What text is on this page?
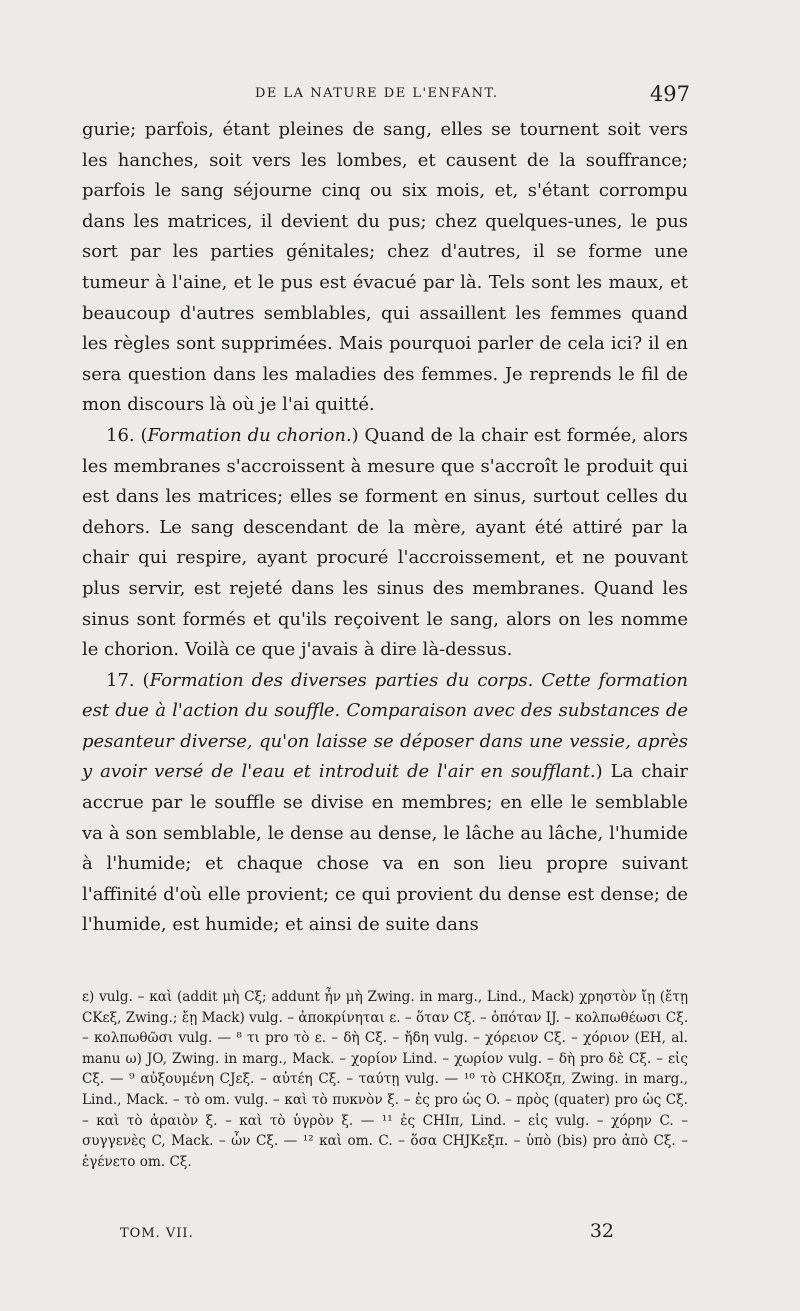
DE LA NATURE DE L'ENFANT.	497

gurie; parfois, étant pleines de sang, elles se tournent soit vers les hanches, soit vers les lombes, et causent de la souffrance; parfois le sang séjourne cinq ou six mois, et, s'étant corrompu dans les matrices, il devient du pus; chez quelques-unes, le pus sort par les parties génitales; chez d'autres, il se forme une tumeur à l'aine, et le pus est évacué par là. Tels sont les maux, et beaucoup d'autres semblables, qui assaillent les femmes quand les règles sont supprimées. Mais pourquoi parler de cela ici? il en sera question dans les maladies des femmes. Je reprends le fil de mon discours là où je l'ai quitté.

16. (Formation du chorion.) Quand de la chair est formée, alors les membranes s'accroissent à mesure que s'accroît le produit qui est dans les matrices; elles se forment en sinus, surtout celles du dehors. Le sang descendant de la mère, ayant été attiré par la chair qui respire, ayant procuré l'accroissement, et ne pouvant plus servir, est rejeté dans les sinus des membranes. Quand les sinus sont formés et qu'ils reçoivent le sang, alors on les nomme le chorion. Voilà ce que j'avais à dire là-dessus.

17. (Formation des diverses parties du corps. Cette formation est due à l'action du souffle. Comparaison avec des substances de pesanteur diverse, qu'on laisse se déposer dans une vessie, après y avoir versé de l'eau et introduit de l'air en soufflant.) La chair accrue par le souffle se divise en membres; en elle le semblable va à son semblable, le dense au dense, le lâche au lâche, l'humide à l'humide; et chaque chose va en son lieu propre suivant l'affinité d'où elle provient; ce qui provient du dense est dense; de l'humide, est humide; et ainsi de suite dans

ε) vulg. – καὶ (addit μὴ Cξ; addunt ἦν μὴ Zwing. in marg., Lind., Mack) χρηστὸν ἴῃ (ἔτῃ CKεξ, Zwing.; ἔῃ Mack) vulg. – ἀποκρίνηται ε. – ὅταν Cξ. – ὁπόταν IJ. – κολπωθέωσι Cξ. – κολπωθῶσι vulg. — ⁸ τι pro τὸ ε. – δὴ Cξ. – ἤδη vulg. – χόρειον Cξ. – χόριον (EH, al. manu ω) JO, Zwing. in marg., Mack. – χορίον Lind. – χωρίον vulg. – δὴ pro δὲ Cξ. – εἰς Cξ. — ⁹ αὐξουμένη CJεξ. – αὐτέη Cξ. – ταύτῃ vulg. — ¹⁰ τὸ CHKOξπ, Zwing. in marg., Lind., Mack. – τὸ om. vulg. – καὶ τὸ πυκνὸν ξ. – ἐς pro ὡς O. – πρὸς (quater) pro ὡς Cξ. – καὶ τὸ ἀραιὸν ξ. – καὶ τὸ ὑγρὸν ξ. — ¹¹ ἐς CHIπ, Lind. – εἰς vulg. – χόρην C. – συγγενὲς C, Mack. – ὧν Cξ. — ¹² καὶ om. C. – ὅσα CHJKεξπ. – ὑπὸ (bis) pro ἀπὸ Cξ. – ἐγένετο om. Cξ.

TOM. VII.	32
